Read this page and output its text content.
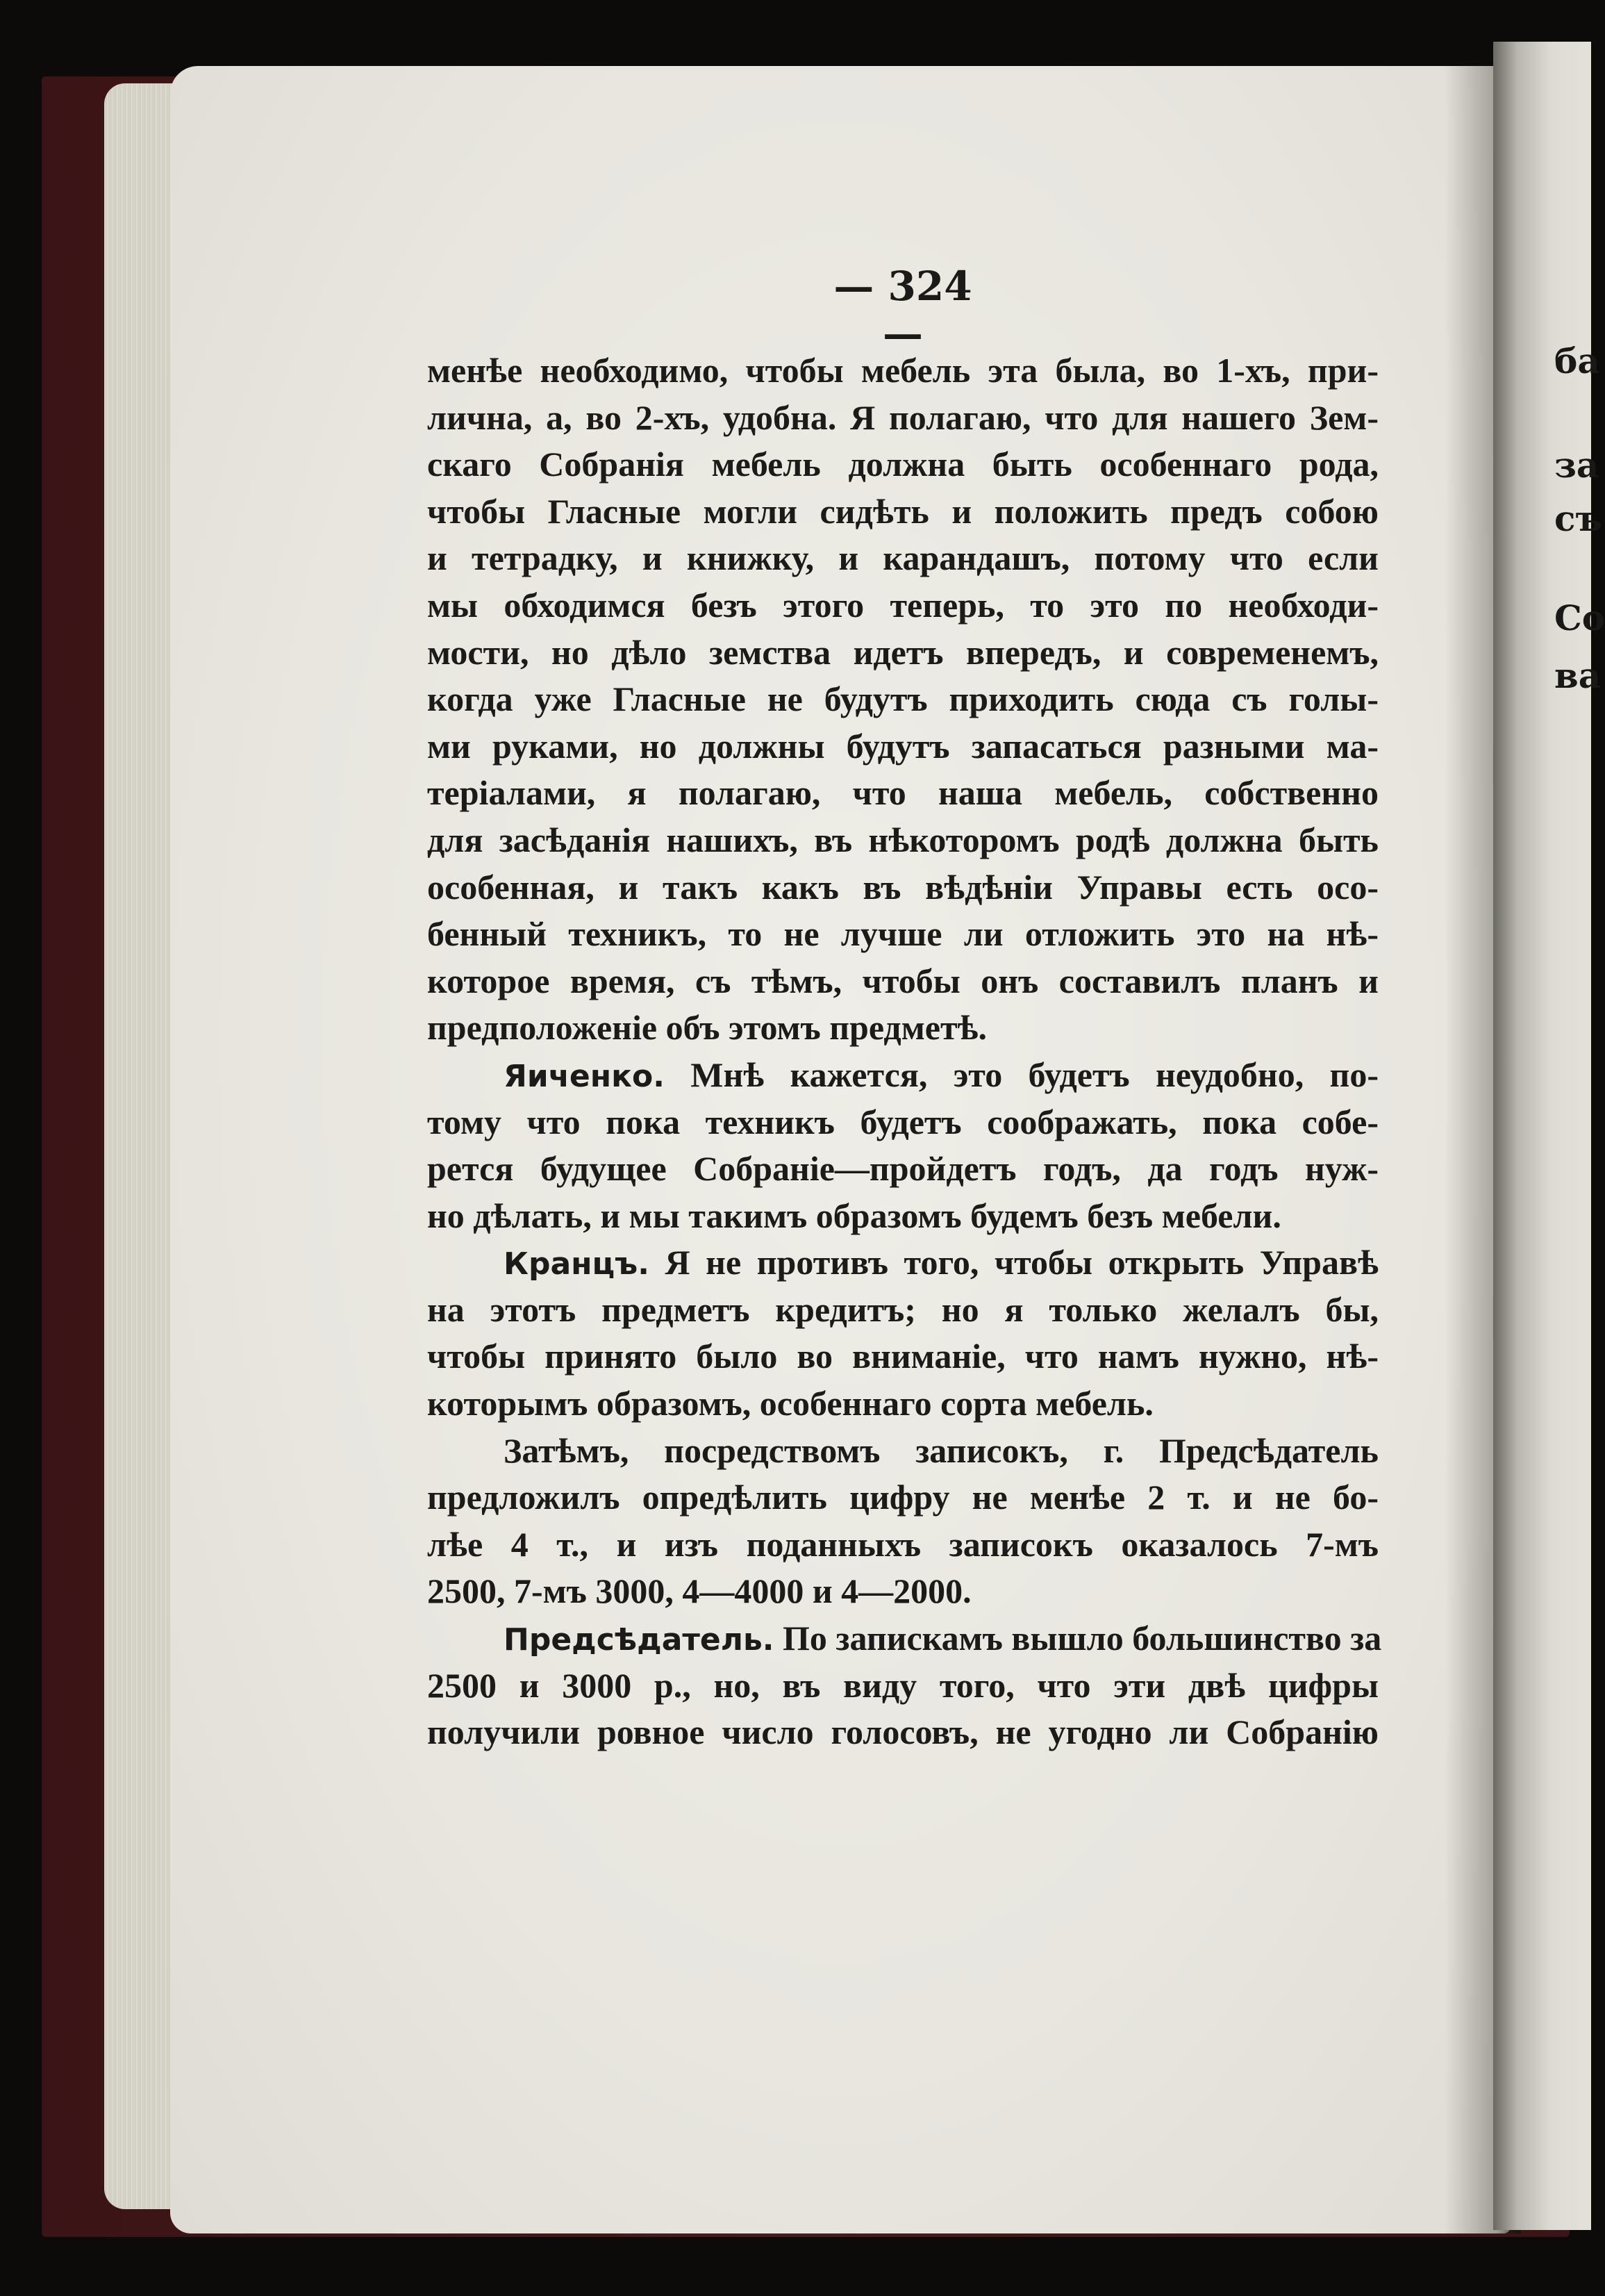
ба
за
съ
Со
ва
— 324 —
менѣе необходимо, чтобы мебель эта была, во 1-хъ, при-
лична, а, во 2-хъ, удобна. Я полагаю, что для нашего Зем-
скаго Собранія мебель должна быть особеннаго рода,
чтобы Гласные могли сидѣть и положить предъ собою
и тетрадку, и книжку, и карандашъ, потому что если
мы обходимся безъ этого теперь, то это по необходи-
мости, но дѣло земства идетъ впередъ, и современемъ,
когда уже Гласные не будутъ приходить сюда съ голы-
ми руками, но должны будутъ запасаться разными ма-
теріалами, я полагаю, что наша мебель, собственно
для засѣданія нашихъ, въ нѣкоторомъ родѣ должна быть
особенная, и такъ какъ въ вѣдѣніи Управы есть осо-
бенный техникъ, то не лучше ли отложить это на нѣ-
которое время, съ тѣмъ, чтобы онъ составилъ планъ и
предположеніе объ этомъ предметѣ.
Яиченко. Мнѣ кажется, это будетъ неудобно, по-
тому что пока техникъ будетъ соображать, пока собе-
рется будущее Собраніе—пройдетъ годъ, да годъ нуж-
но дѣлать, и мы такимъ образомъ будемъ безъ мебели.
Кранцъ. Я не противъ того, чтобы открыть Управѣ
на этотъ предметъ кредитъ; но я только желалъ бы,
чтобы принято было во вниманіе, что намъ нужно, нѣ-
которымъ образомъ, особеннаго сорта мебель.
Затѣмъ, посредствомъ записокъ, г. Предсѣдатель
предложилъ опредѣлить цифру не менѣе 2 т. и не бо-
лѣе 4 т., и изъ поданныхъ записокъ оказалось 7-мъ
2500, 7-мъ 3000, 4—4000 и 4—2000.
Предсѣдатель. По запискамъ вышло большинство за
2500 и 3000 р., но, въ виду того, что эти двѣ цифры
получили ровное число голосовъ, не угодно ли Собранію
